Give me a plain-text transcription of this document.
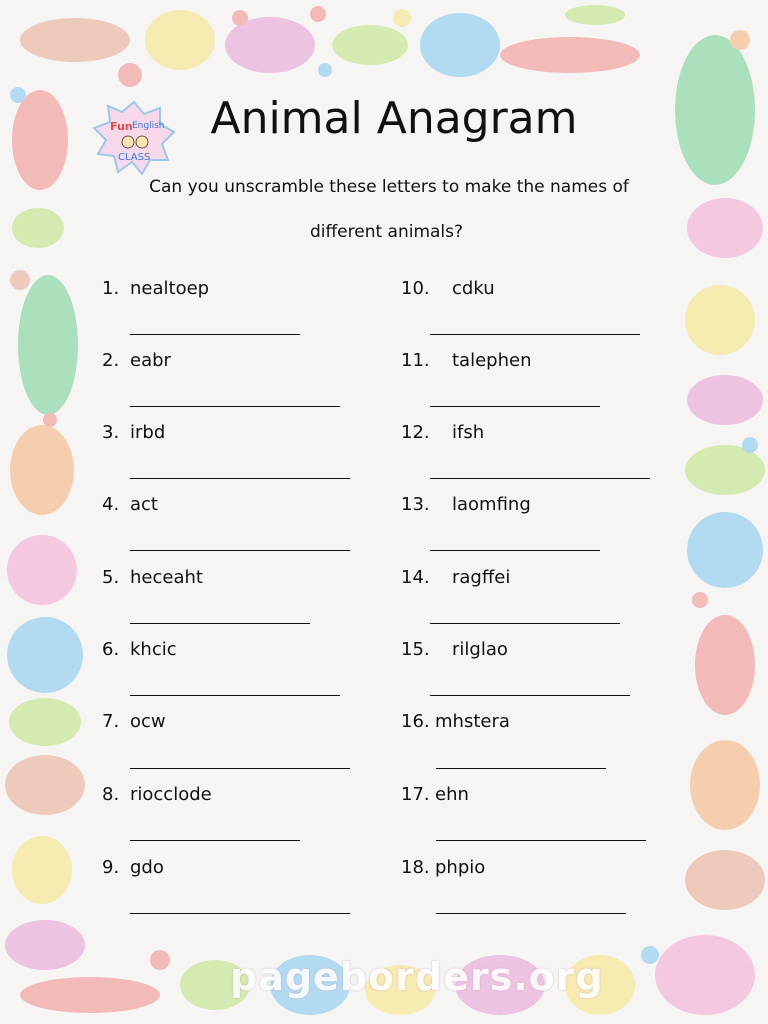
Fun English
CLASS
Animal Anagram
Can you unscramble these letters to make the names of
different animals?
1. nealtoep
2. eabr
3. irbd
4. act
5. heceaht
6. khcic
7. ocw
8. riocclode
9. gdo
10. cdku
11. talephen
12. ifsh
13. laomfing
14. ragffei
15. rilglao
16. mhstera
17. ehn
18. phpio
pageborders.org
